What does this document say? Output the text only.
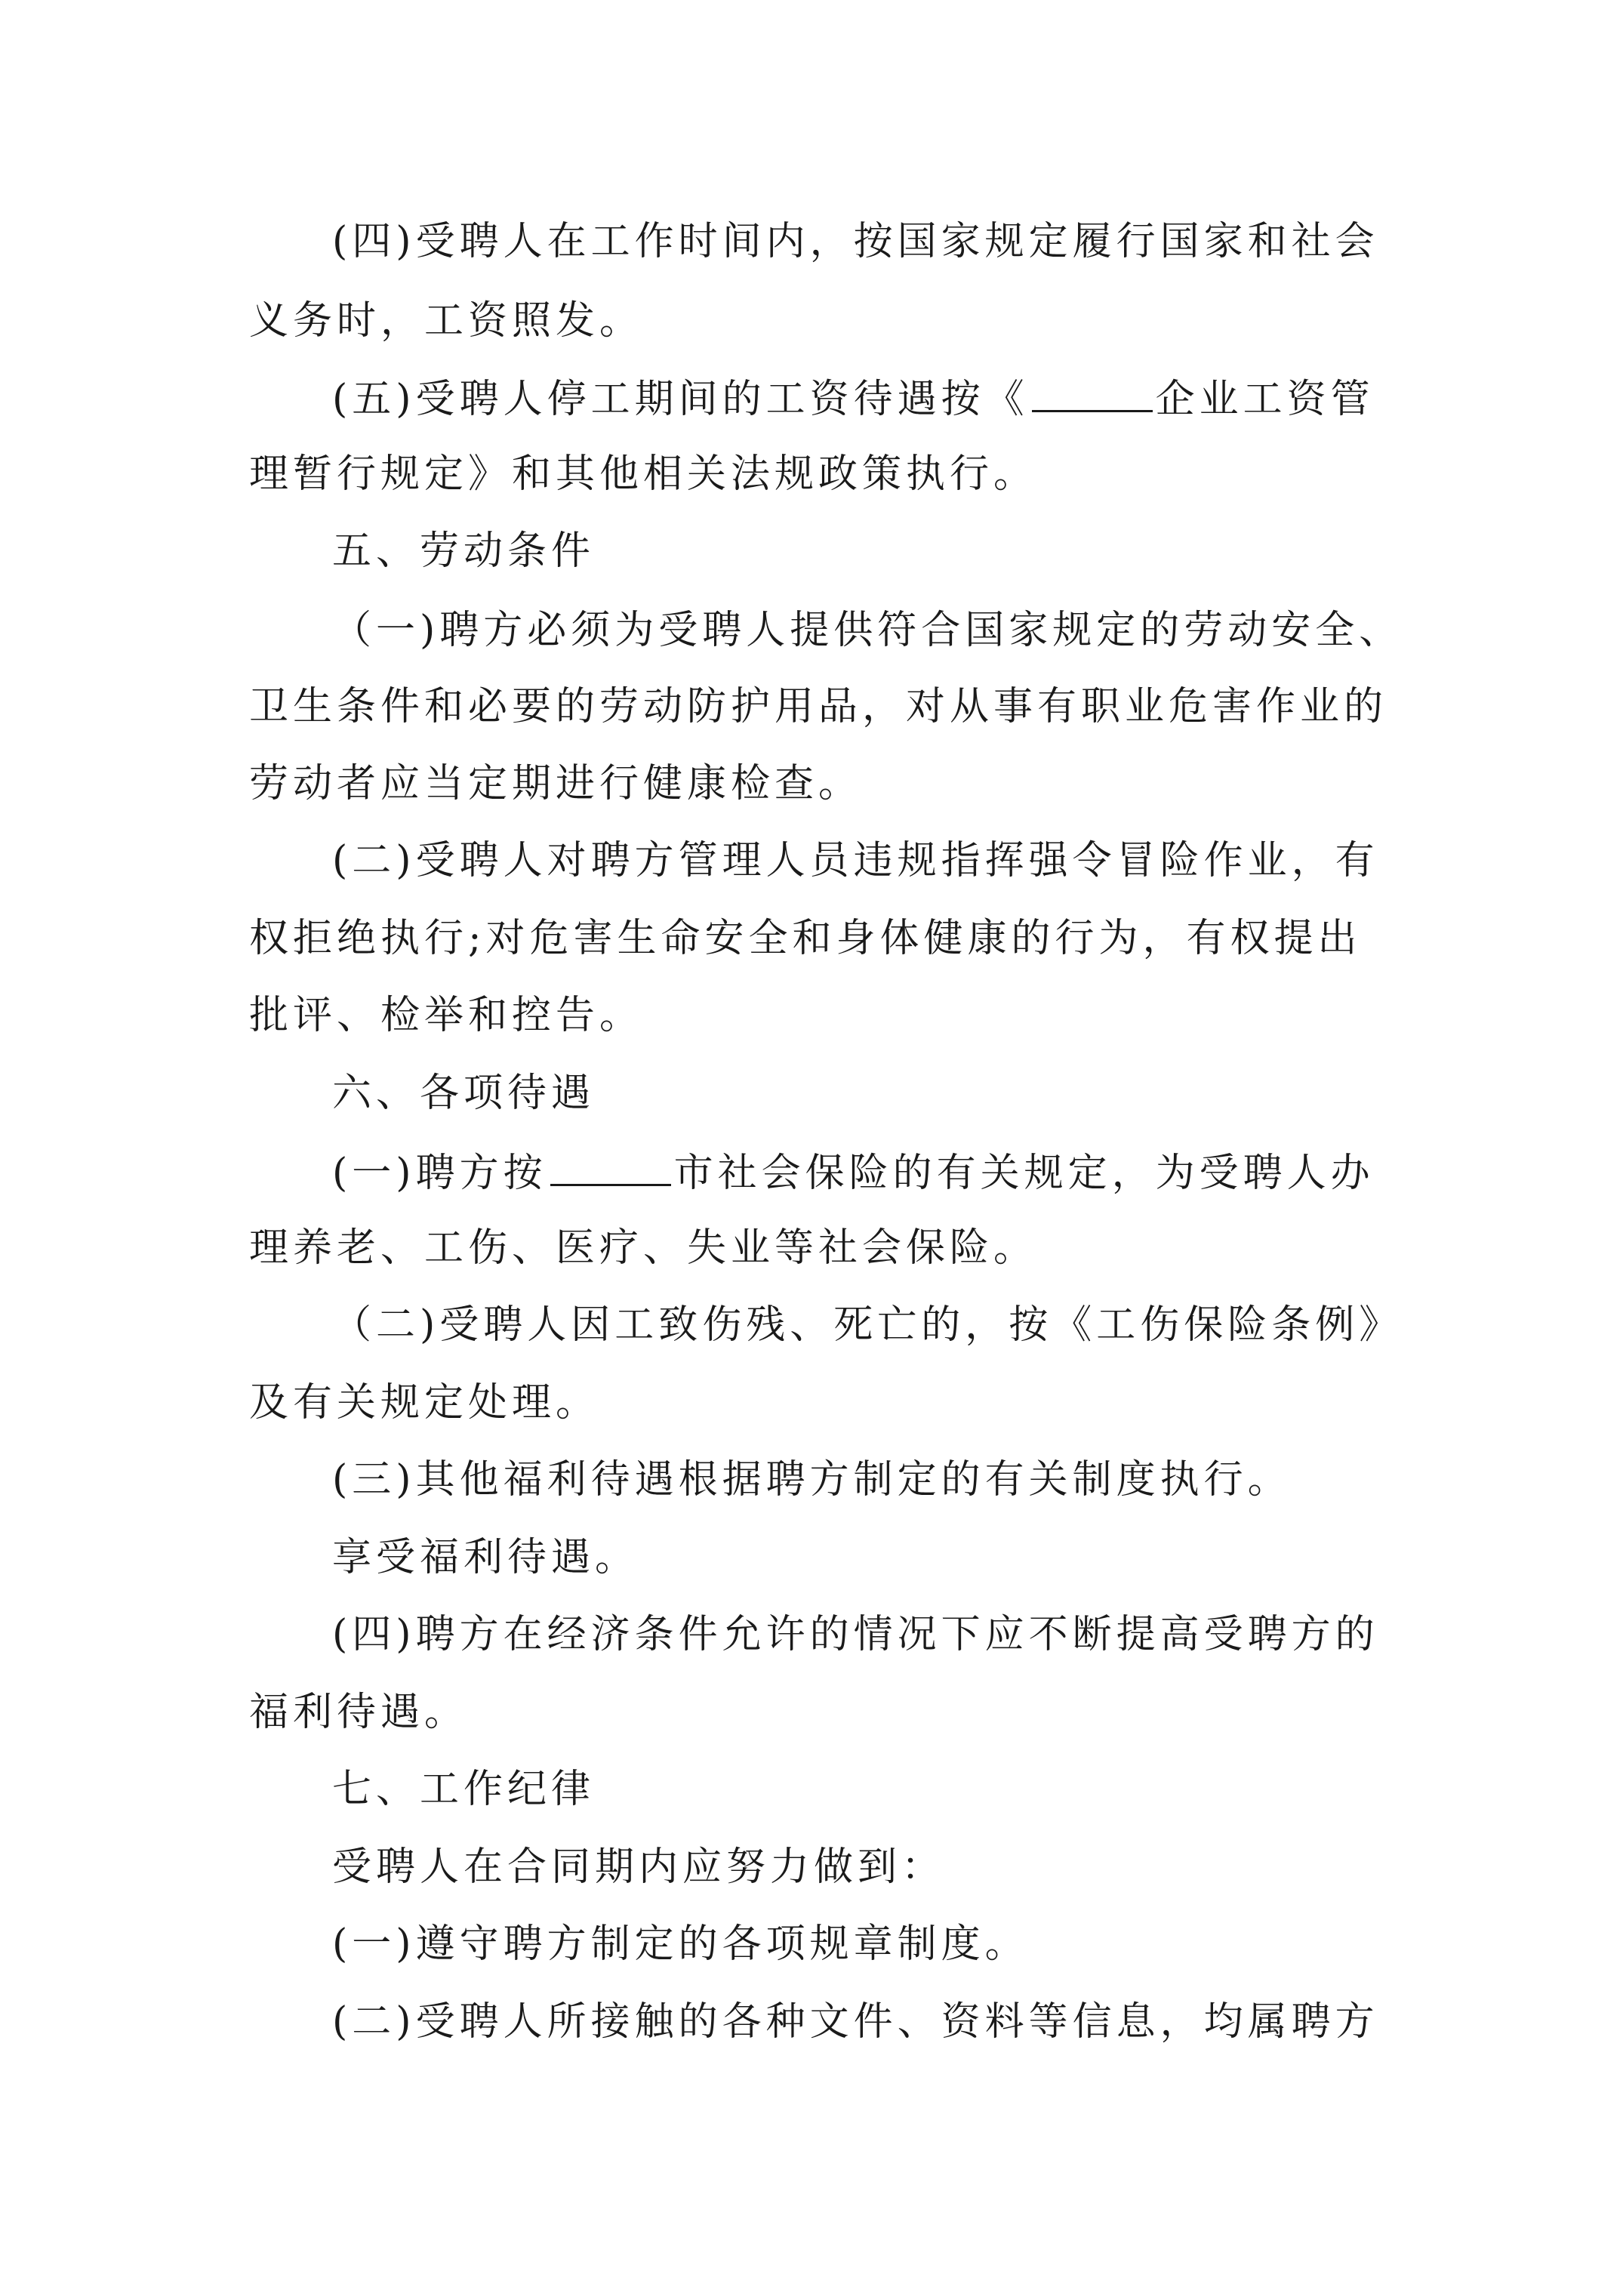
(四)受聘人在工作时间内，按国家规定履行国家和社会
义务时，工资照发。
(五)受聘人停工期间的工资待遇按《	企业工资管
理暂行规定》和其他相关法规政策执行。
五、劳动条件
（一)聘方必须为受聘人提供符合国家规定的劳动安全、
卫生条件和必要的劳动防护用品，对从事有职业危害作业的
劳动者应当定期进行健康检查。
(二)受聘人对聘方管理人员违规指挥强令冒险作业，有
权拒绝执行;对危害生命安全和身体健康的行为，有权提出
批评、检举和控告。
六、各项待遇
(一)聘方按	市社会保险的有关规定，为受聘人办
理养老、工伤、医疗、失业等社会保险。
（二)受聘人因工致伤残、死亡的，按《工伤保险条例》
及有关规定处理。
(三)其他福利待遇根据聘方制定的有关制度执行。
享受福利待遇。
(四)聘方在经济条件允许的情况下应不断提高受聘方的
福利待遇。
七、工作纪律
受聘人在合同期内应努力做到：
(一)遵守聘方制定的各项规章制度。
(二)受聘人所接触的各种文件、资料等信息，均属聘方
